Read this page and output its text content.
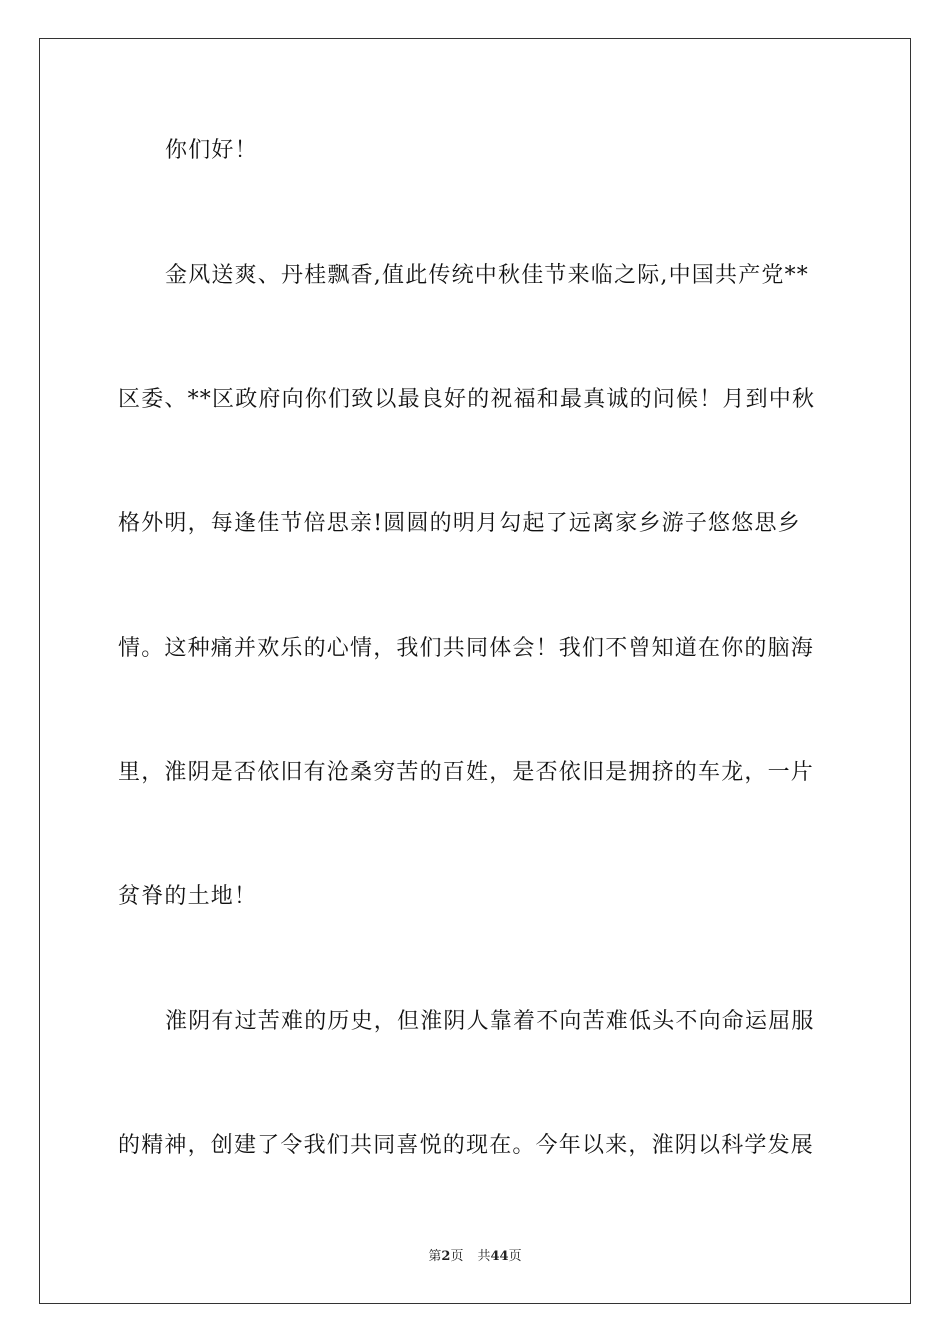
你们好！
金风送爽、丹桂飘香,值此传统中秋佳节来临之际,中国共产党**
区委、**区政府向你们致以最良好的祝福和最真诚的问候！月到中秋
格外明，每逢佳节倍思亲!圆圆的明月勾起了远离家乡游子悠悠思乡
情。这种痛并欢乐的心情，我们共同体会！我们不曾知道在你的脑海
里，淮阴是否依旧有沧桑穷苦的百姓，是否依旧是拥挤的车龙，一片
贫脊的土地！
淮阴有过苦难的历史，但淮阴人靠着不向苦难低头不向命运屈服
的精神，创建了令我们共同喜悦的现在。今年以来，淮阴以科学发展
第2页 共44页
